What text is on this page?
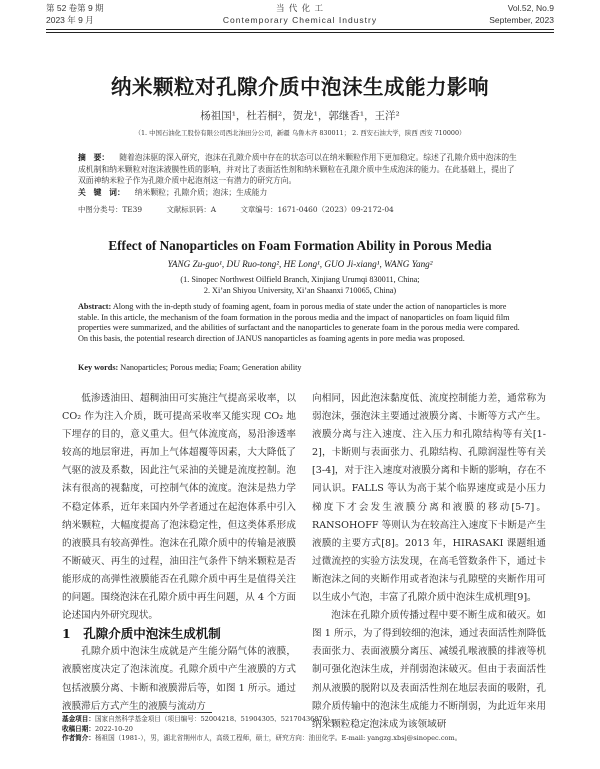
第 52 卷第 9 期
2023 年 9 月
当 代 化 工
Contemporary Chemical Industry
Vol.52, No.9
September, 2023
纳米颗粒对孔隙介质中泡沫生成能力影响
杨祖国¹，杜若桐²，贺龙¹，郭继香¹，王洋²
（1. 中国石油化工股份有限公司西北油田分公司，新疆 乌鲁木齐 830011； 2. 西安石油大学，陕西 西安 710000）
摘　要： 随着泡沫驱的深入研究，泡沫在孔隙介质中存在的状态可以在纳米颗粒作用下更加稳定。综述了孔隙介质中泡沫的生成机制和纳米颗粒对泡沫液膜性质的影响，并对比了表面活性剂和纳米颗粒在孔隙介质中生成泡沫的能力。在此基础上，提出了双面神纳米粒子作为孔隙介质中起泡剂这一有潜力的研究方向。
关　键　词： 纳米颗粒；孔隙介质；泡沫；生成能力
中图分类号：TE39	文献标识码：A	文章编号：1671-0460（2023）09-2172-04
Effect of Nanoparticles on Foam Formation Ability in Porous Media
YANG Zu-guo¹, DU Ruo-tong², HE Long¹, GUO Ji-xiang¹, WANG Yang²
(1. Sinopec Northwest Oilfield Branch, Xinjiang Urumqi 830011, China;
2. Xi’an Shiyou University, Xi’an Shaanxi 710065, China)
Abstract: Along with the in-depth study of foaming agent, foam in porous media of state under the action of nanoparticles is more stable. In this article, the mechanism of the foam formation in the porous media and the impact of nanoparticles on foam liquid film properties were summarized, and the abilities of surfactant and the nanoparticles to generate foam in the porous media were compared. On this basis, the potential research direction of JANUS nanoparticles as foaming agents in pore media was proposed.
Key words: Nanoparticles; Porous media; Foam; Generation ability

低渗透油田、超稠油田可实施注气提高采收率，以 CO₂ 作为注入介质，既可提高采收率又能实现 CO₂ 地下埋存的目的，意义重大。但气体流度高，易沿渗透率较高的地层窜进，再加上气体超覆等因素，大大降低了气驱的波及系数，因此注气采油的关键是流度控制。泡沫有很高的视黏度，可控制气体的流度。泡沫是热力学不稳定体系，近年来国内外学者通过在起泡体系中引入纳米颗粒，大幅度提高了泡沫稳定性，但这类体系形成的液膜具有较高弹性。泡沫在孔隙介质中的传输是液膜不断破灭、再生的过程，油田注气条件下纳米颗粒是否能形成的高弹性液膜能否在孔隙介质中再生是值得关注的问题。围绕泡沫在孔隙介质中再生问题，从 4 个方面论述国内外研究现状。

1　孔隙介质中泡沫生成机制

孔隙介质中泡沫生成就是产生能分隔气体的液膜，液膜密度决定了泡沫流度。孔隙介质中产生液膜的方式包括液膜分离、卡断和液膜滞后等，如图 1 所示。通过液膜滞后方式产生的液膜与流动方

向相同，因此泡沫黏度低、流度控制能力差，通常称为弱泡沫，强泡沫主要通过液膜分离、卡断等方式产生。液膜分离与注入速度、注入压力和孔隙结构等有关[1-2]，卡断则与表面张力、孔隙结构、孔隙润湿性等有关[3-4]，对于注入速度对液膜分离和卡断的影响，存在不同认识。FALLS 等认为高于某个临界速度或是小压力梯度下才会发生液膜分离和液膜的移动[5-7]。RANSOHOFF 等则认为在较高注入速度下卡断是产生液膜的主要方式[8]。2013 年，HIRASAKI 课题组通过微流控的实验方法发现，在高毛管数条件下，通过卡断泡沫之间的夹断作用或者泡沫与孔隙壁的夹断作用可以生成小气泡，丰富了孔隙介质中泡沫生成机理[9]。

泡沫在孔隙介质传播过程中要不断生成和破灭。如图 1 所示，为了得到较细的泡沫，通过表面活性剂降低表面张力、表面液膜分离压、减缓孔喉液膜的排液等机制可强化泡沫生成，并削弱泡沫破灭。但由于表面活性剂从液膜的脱附以及表面活性剂在地层表面的吸附，孔隙介质传输中的泡沫生成能力不断削弱，为此近年来用纳米颗粒稳定泡沫成为该领域研

基金项目：国家自然科学基金项目（项目编号：52004218、51904305、52170436876）。
收稿日期：2022-10-20
作者简介：杨祖国（1981-），男，湖北省荆州市人，高级工程师，硕士，研究方向：油田化学。E-mail: yangzg.xbsj@sinopec.com。
